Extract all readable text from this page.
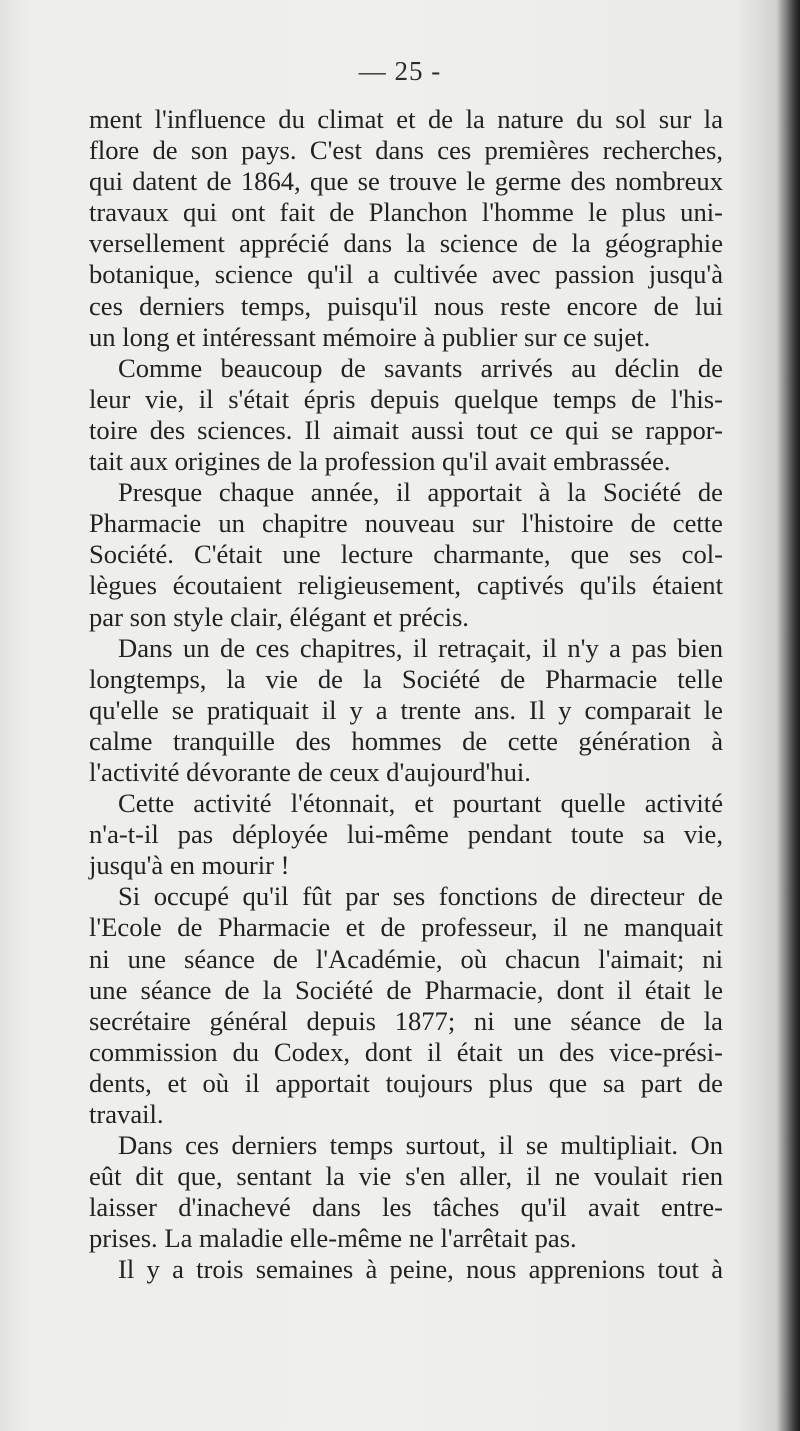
— 25 -
ment l'influence du climat et de la nature du sol sur la
flore de son pays. C'est dans ces premières recherches,
qui datent de 1864, que se trouve le germe des nombreux
travaux qui ont fait de Planchon l'homme le plus uni-
versellement apprécié dans la science de la géographie
botanique, science qu'il a cultivée avec passion jusqu'à
ces derniers temps, puisqu'il nous reste encore de lui
un long et intéressant mémoire à publier sur ce sujet.
Comme beaucoup de savants arrivés au déclin de
leur vie, il s'était épris depuis quelque temps de l'his-
toire des sciences. Il aimait aussi tout ce qui se rappor-
tait aux origines de la profession qu'il avait embrassée.
Presque chaque année, il apportait à la Société de
Pharmacie un chapitre nouveau sur l'histoire de cette
Société. C'était une lecture charmante, que ses col-
lègues écoutaient religieusement, captivés qu'ils étaient
par son style clair, élégant et précis.
Dans un de ces chapitres, il retraçait, il n'y a pas bien
longtemps, la vie de la Société de Pharmacie telle
qu'elle se pratiquait il y a trente ans. Il y comparait le
calme tranquille des hommes de cette génération à
l'activité dévorante de ceux d'aujourd'hui.
Cette activité l'étonnait, et pourtant quelle activité
n'a-t-il pas déployée lui-même pendant toute sa vie,
jusqu'à en mourir !
Si occupé qu'il fût par ses fonctions de directeur de
l'Ecole de Pharmacie et de professeur, il ne manquait
ni une séance de l'Académie, où chacun l'aimait; ni
une séance de la Société de Pharmacie, dont il était le
secrétaire général depuis 1877; ni une séance de la
commission du Codex, dont il était un des vice-prési-
dents, et où il apportait toujours plus que sa part de
travail.
Dans ces derniers temps surtout, il se multipliait. On
eût dit que, sentant la vie s'en aller, il ne voulait rien
laisser d'inachevé dans les tâches qu'il avait entre-
prises. La maladie elle-même ne l'arrêtait pas.
Il y a trois semaines à peine, nous apprenions tout à
